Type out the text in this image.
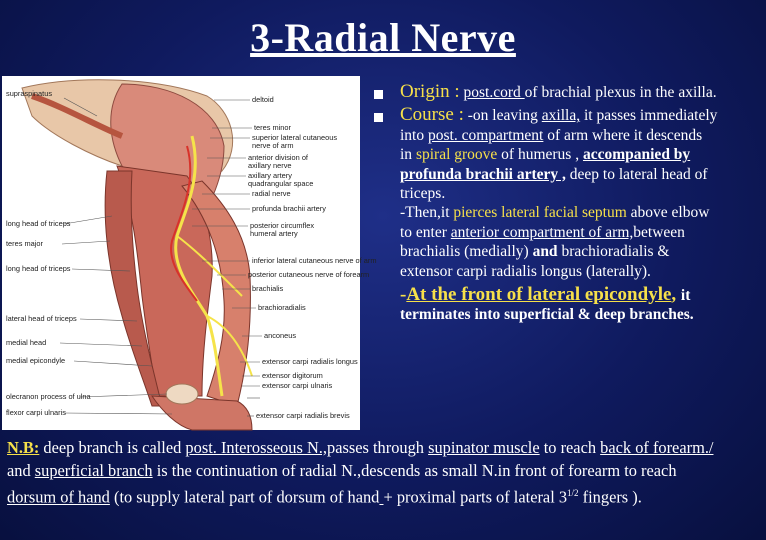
3-Radial Nerve
supraspinatus
long head of triceps
teres major
long head of triceps
lateral head of triceps
medial head
medial epicondyle
olecranon process of ulna
flexor carpi ulnaris
deltoid
teres minor
superior lateral cutaneous
nerve of arm
anterior division of
axillary nerve
axillary artery
quadrangular space
radial nerve
profunda brachii artery
posterior circumflex
humeral artery
inferior lateral cutaneous nerve of arm
posterior cutaneous nerve of forearm
brachialis
brachioradialis
anconeus
extensor carpi radialis longus
extensor digitorum
extensor carpi ulnaris
extensor carpi radialis brevis
Origin : post.cord of brachial plexus in the axilla.
Course : -on leaving axilla, it passes immediately into post. compartment of arm where it descends in spiral groove of humerus , accompanied by profunda brachii artery , deep to lateral head of triceps.
-Then,it pierces lateral facial septum above elbow to enter anterior compartment of arm,between brachialis (medially) and brachioradialis & extensor carpi radialis longus (laterally).
-At the front of lateral epicondyle, it terminates into superficial & deep branches.
N.B: deep branch is called post. Interosseous N.,passes through supinator muscle to reach back of forearm./ and superficial branch is the continuation of radial N.,descends as small N.in front of forearm to reach dorsum of hand (to supply lateral part of dorsum of hand + proximal parts of lateral $3^{1/2}$ fingers ).
